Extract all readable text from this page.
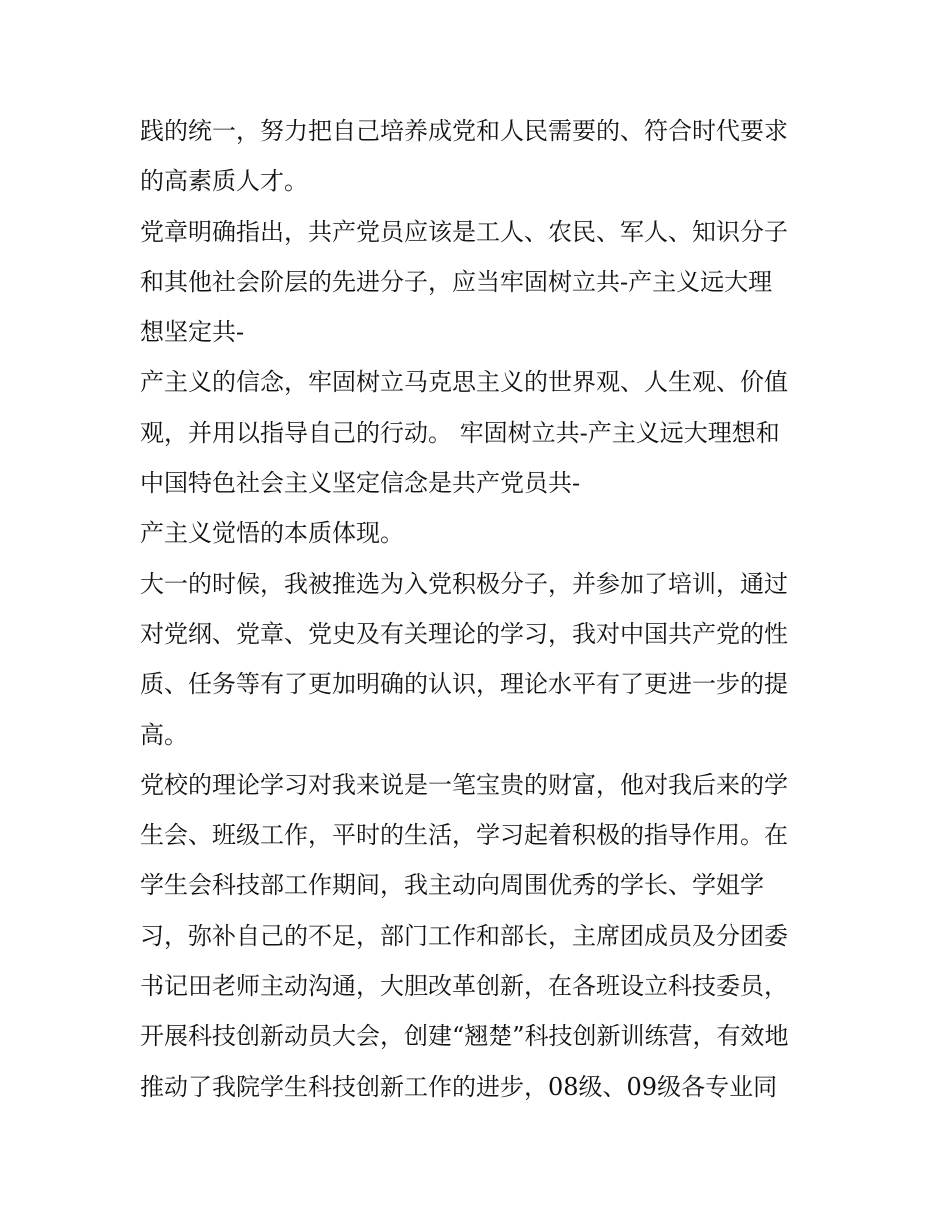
践的统一，努力把自己培养成党和人民需要的、符合时代要求
的高素质人才。
党章明确指出，共产党员应该是工人、农民、军人、知识分子
和其他社会阶层的先进分子，应当牢固树立共-产主义远大理
想坚定共-
产主义的信念，牢固树立马克思主义的世界观、人生观、价值
观，并用以指导自己的行动。 牢固树立共-产主义远大理想和
中国特色社会主义坚定信念是共产党员共-
产主义觉悟的本质体现。
大一的时候，我被推选为入党积极分子，并参加了培训，通过
对党纲、党章、党史及有关理论的学习，我对中国共产党的性
质、任务等有了更加明确的认识，理论水平有了更进一步的提
高。
党校的理论学习对我来说是一笔宝贵的财富，他对我后来的学
生会、班级工作，平时的生活，学习起着积极的指导作用。在
学生会科技部工作期间，我主动向周围优秀的学长、学姐学
习，弥补自己的不足，部门工作和部长，主席团成员及分团委
书记田老师主动沟通，大胆改革创新，在各班设立科技委员，
开展科技创新动员大会，创建“翘楚”科技创新训练营，有效地
推动了我院学生科技创新工作的进步，08级、09级各专业同
